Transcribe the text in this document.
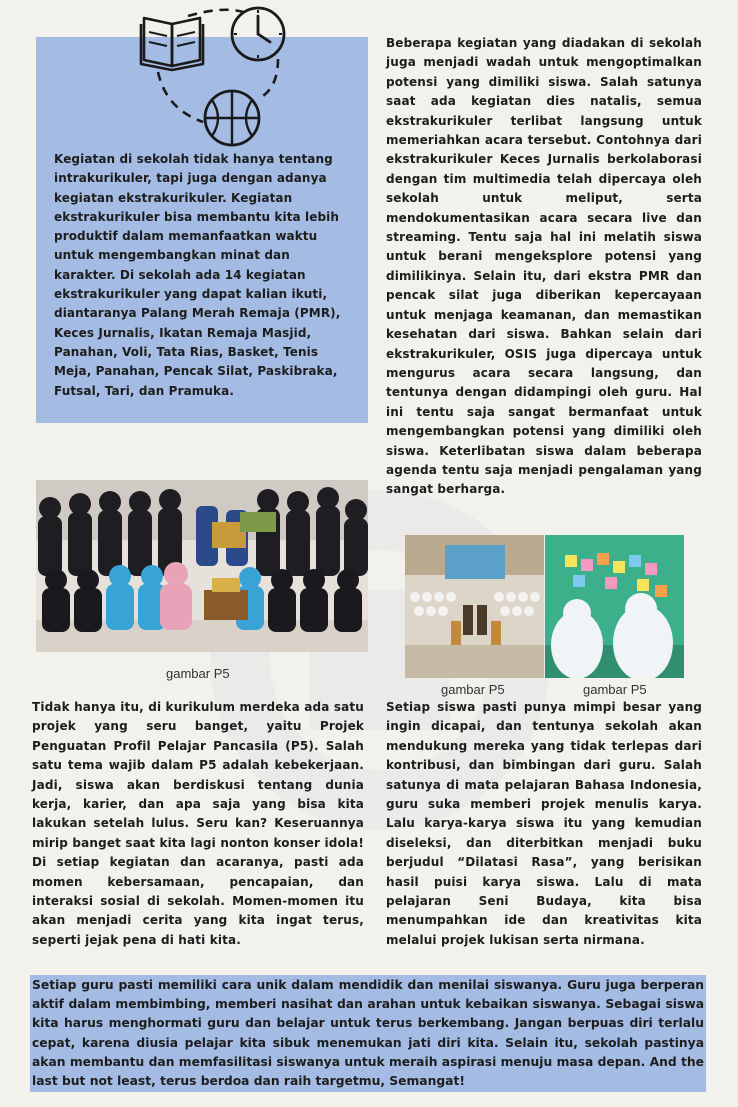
Kegiatan di sekolah tidak hanya tentang intrakurikuler, tapi juga dengan adanya kegiatan ekstrakurikuler. Kegiatan ekstrakurikuler bisa membantu kita lebih produktif dalam memanfaatkan waktu untuk mengembangkan minat dan karakter. Di sekolah ada 14 kegiatan ekstrakurikuler yang dapat kalian ikuti, diantaranya Palang Merah Remaja (PMR), Keces Jurnalis, Ikatan Remaja Masjid, Panahan, Voli, Tata Rias, Basket, Tenis Meja, Panahan, Pencak Silat, Paskibraka, Futsal, Tari, dan Pramuka.
Beberapa kegiatan yang diadakan di sekolah juga menjadi wadah untuk mengoptimalkan potensi yang dimiliki siswa. Salah satunya saat ada kegiatan dies natalis, semua ekstrakurikuler terlibat langsung untuk memeriahkan acara tersebut. Contohnya dari ekstrakurikuler Keces Jurnalis berkolaborasi dengan tim multimedia telah dipercaya oleh sekolah untuk meliput, serta mendokumentasikan acara secara live dan streaming. Tentu saja hal ini melatih siswa untuk berani mengeksplore potensi yang dimilikinya. Selain itu, dari ekstra PMR dan pencak silat juga diberikan kepercayaan untuk menjaga keamanan, dan memastikan kesehatan dari siswa. Bahkan selain dari ekstrakurikuler, OSIS juga dipercaya untuk mengurus acara secara langsung, dan tentunya dengan didampingi oleh guru. Hal ini tentu saja sangat bermanfaat untuk mengembangkan potensi yang dimiliki oleh siswa. Keterlibatan siswa dalam beberapa agenda tentu saja menjadi pengalaman yang sangat berharga.
gambar P5
gambar P5	gambar P5
Tidak hanya itu, di kurikulum merdeka ada satu projek yang seru banget, yaitu Projek Penguatan Profil Pelajar Pancasila (P5). Salah satu tema wajib dalam P5 adalah kebekerjaan. Jadi, siswa akan berdiskusi tentang dunia kerja, karier, dan apa saja yang bisa kita lakukan setelah lulus. Seru kan? Keseruannya mirip banget saat kita lagi nonton konser idola! Di setiap kegiatan dan acaranya, pasti ada momen kebersamaan, pencapaian, dan interaksi sosial di sekolah. Momen-momen itu akan menjadi cerita yang kita ingat terus, seperti jejak pena di hati kita.
Setiap siswa pasti punya mimpi besar yang ingin dicapai, dan tentunya sekolah akan mendukung mereka yang tidak terlepas dari kontribusi, dan bimbingan dari guru. Salah satunya di mata pelajaran Bahasa Indonesia, guru suka memberi projek menulis karya. Lalu karya-karya siswa itu yang kemudian diseleksi, dan diterbitkan menjadi buku berjudul “Dilatasi Rasa”, yang berisikan hasil puisi karya siswa. Lalu di mata pelajaran Seni Budaya, kita bisa menumpahkan ide dan kreativitas kita melalui projek lukisan serta nirmana.
Setiap guru pasti memiliki cara unik dalam mendidik dan menilai siswanya. Guru juga berperan aktif dalam membimbing, memberi nasihat dan arahan untuk kebaikan siswanya. Sebagai siswa kita harus menghormati guru dan belajar untuk terus berkembang. Jangan berpuas diri terlalu cepat, karena diusia pelajar kita sibuk menemukan jati diri kita. Selain itu, sekolah pastinya akan membantu dan memfasilitasi siswanya untuk meraih aspirasi menuju masa depan. And the last but not least, terus berdoa dan raih targetmu, Semangat!
